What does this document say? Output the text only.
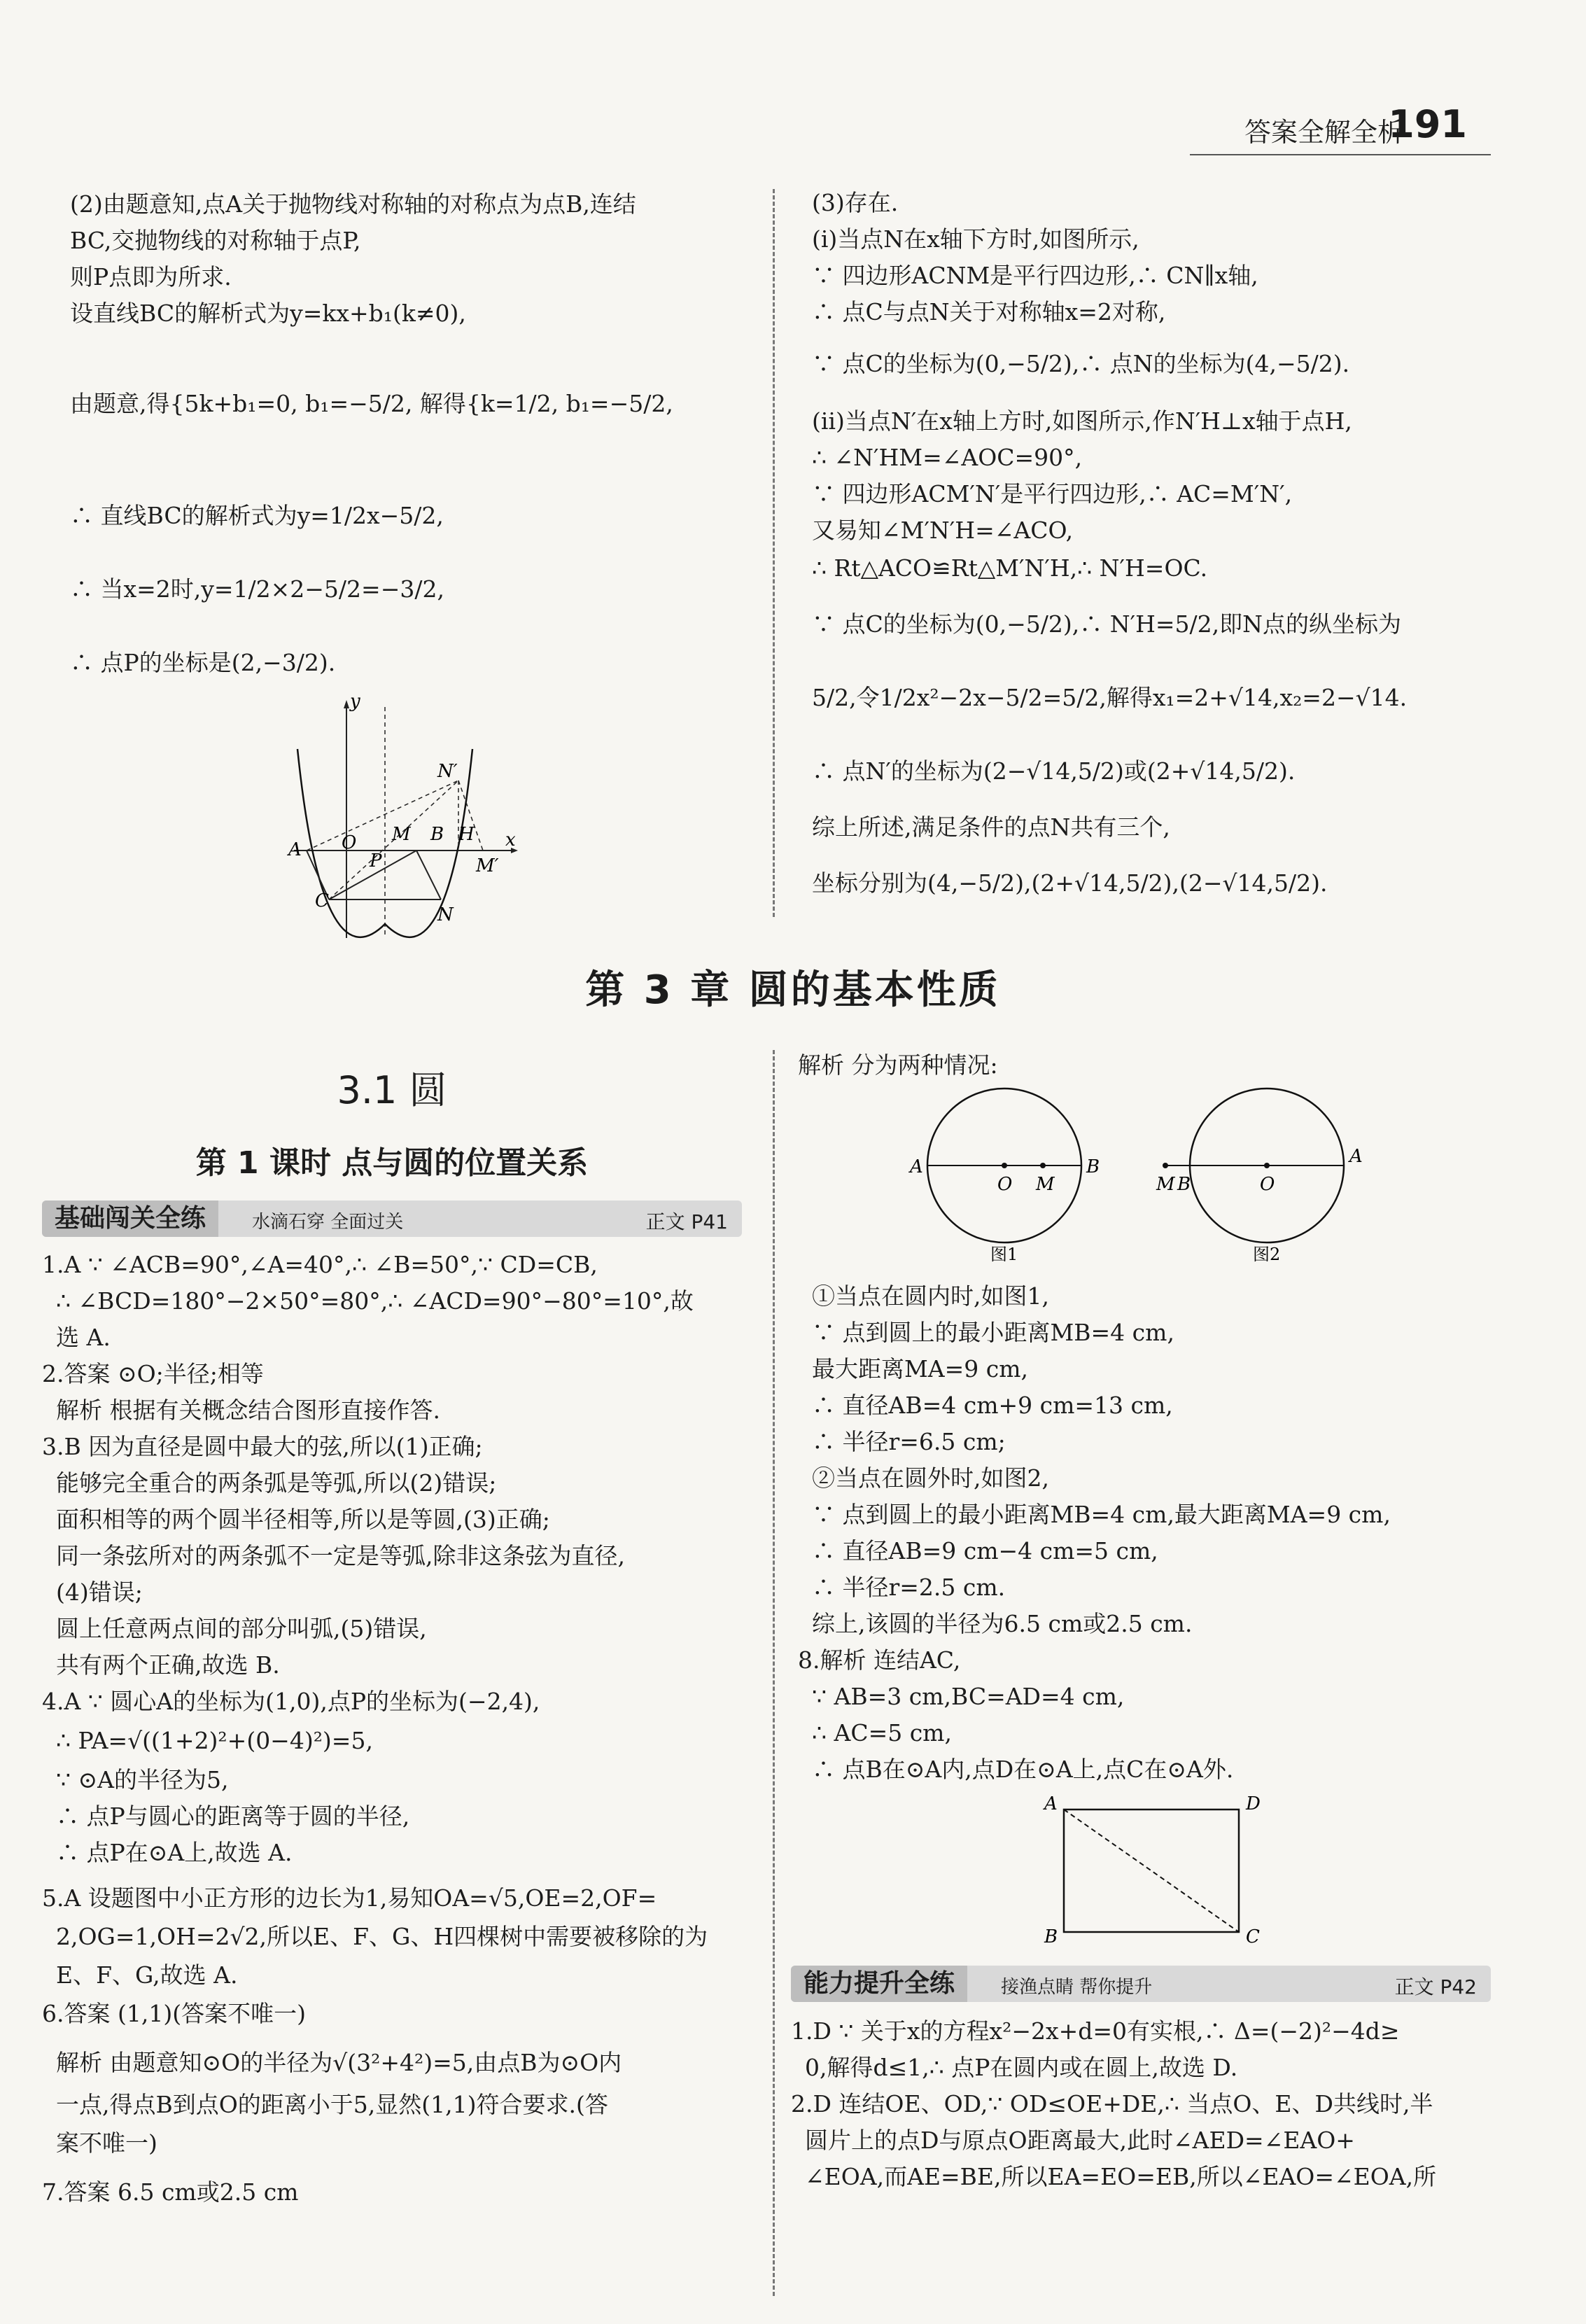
答案全解全析
191
(2)由题意知,点A关于抛物线对称轴的对称点为点B,连结
BC,交抛物线的对称轴于点P,
则P点即为所求.
设直线BC的解析式为y=kx+b₁(k≠0),
由题意,得{5k+b₁=0, b₁=−5/2, 解得{k=1/2, b₁=−5/2,
∴ 直线BC的解析式为y=1/2x−5/2,
∴ 当x=2时,y=1/2×2−5/2=−3/2,
∴ 点P的坐标是(2,−3/2).
y
x
A O
P
M B H
N′
M′
C
N
(3)存在.
(ⅰ)当点N在x轴下方时,如图所示,
∵ 四边形ACNM是平行四边形,∴ CN∥x轴,
∴ 点C与点N关于对称轴x=2对称,
∵ 点C的坐标为(0,−5/2),∴ 点N的坐标为(4,−5/2).
(ⅱ)当点N′在x轴上方时,如图所示,作N′H⊥x轴于点H,
∴ ∠N′HM=∠AOC=90°,
∵ 四边形ACM′N′是平行四边形,∴ AC=M′N′,
又易知∠M′N′H=∠ACO,
∴ Rt△ACO≌Rt△M′N′H,∴ N′H=OC.
∵ 点C的坐标为(0,−5/2),∴ N′H=5/2,即N点的纵坐标为
5/2,令1/2x²−2x−5/2=5/2,解得x₁=2+√14,x₂=2−√14.
∴ 点N′的坐标为(2−√14,5/2)或(2+√14,5/2).
综上所述,满足条件的点N共有三个,
坐标分别为(4,−5/2),(2+√14,5/2),(2−√14,5/2).
第 3 章 圆的基本性质
3.1 圆
第 1 课时 点与圆的位置关系
基础闯关全练	水滴石穿 全面过关	正文 P41
1.A ∵ ∠ACB=90°,∠A=40°,∴ ∠B=50°,∵ CD=CB,
∴ ∠BCD=180°−2×50°=80°,∴ ∠ACD=90°−80°=10°,故
选 A.
2.答案 ⊙O;半径;相等
解析 根据有关概念结合图形直接作答.
3.B 因为直径是圆中最大的弦,所以(1)正确;
能够完全重合的两条弧是等弧,所以(2)错误;
面积相等的两个圆半径相等,所以是等圆,(3)正确;
同一条弦所对的两条弧不一定是等弧,除非这条弦为直径,
(4)错误;
圆上任意两点间的部分叫弧,(5)错误,
共有两个正确,故选 B.
4.A ∵ 圆心A的坐标为(1,0),点P的坐标为(−2,4),
∴ PA=√((1+2)²+(0−4)²)=5,
∵ ⊙A的半径为5,
∴ 点P与圆心的距离等于圆的半径,
∴ 点P在⊙A上,故选 A.
5.A 设题图中小正方形的边长为1,易知OA=√5,OE=2,OF=
2,OG=1,OH=2√2,所以E、F、G、H四棵树中需要被移除的为
E、F、G,故选 A.
6.答案 (1,1)(答案不唯一)
解析 由题意知⊙O的半径为√(3²+4²)=5,由点B为⊙O内
一点,得点B到点O的距离小于5,显然(1,1)符合要求.(答
案不唯一)
7.答案 6.5 cm或2.5 cm
解析 分为两种情况:
A
O M
B
图1
M B	O
A
图2
①当点在圆内时,如图1,
∵ 点到圆上的最小距离MB=4 cm,
最大距离MA=9 cm,
∴ 直径AB=4 cm+9 cm=13 cm,
∴ 半径r=6.5 cm;
②当点在圆外时,如图2,
∵ 点到圆上的最小距离MB=4 cm,最大距离MA=9 cm,
∴ 直径AB=9 cm−4 cm=5 cm,
∴ 半径r=2.5 cm.
综上,该圆的半径为6.5 cm或2.5 cm.
8.解析 连结AC,
∵ AB=3 cm,BC=AD=4 cm,
∴ AC=5 cm,
∴ 点B在⊙A内,点D在⊙A上,点C在⊙A外.
A	D
B	C
能力提升全练	接渔点睛 帮你提升	正文 P42
1.D ∵ 关于x的方程x²−2x+d=0有实根,∴ Δ=(−2)²−4d≥
0,解得d≤1,∴ 点P在圆内或在圆上,故选 D.
2.D 连结OE、OD,∵ OD≤OE+DE,∴ 当点O、E、D共线时,半
圆片上的点D与原点O距离最大,此时∠AED=∠EAO+
∠EOA,而AE=BE,所以EA=EO=EB,所以∠EAO=∠EOA,所
